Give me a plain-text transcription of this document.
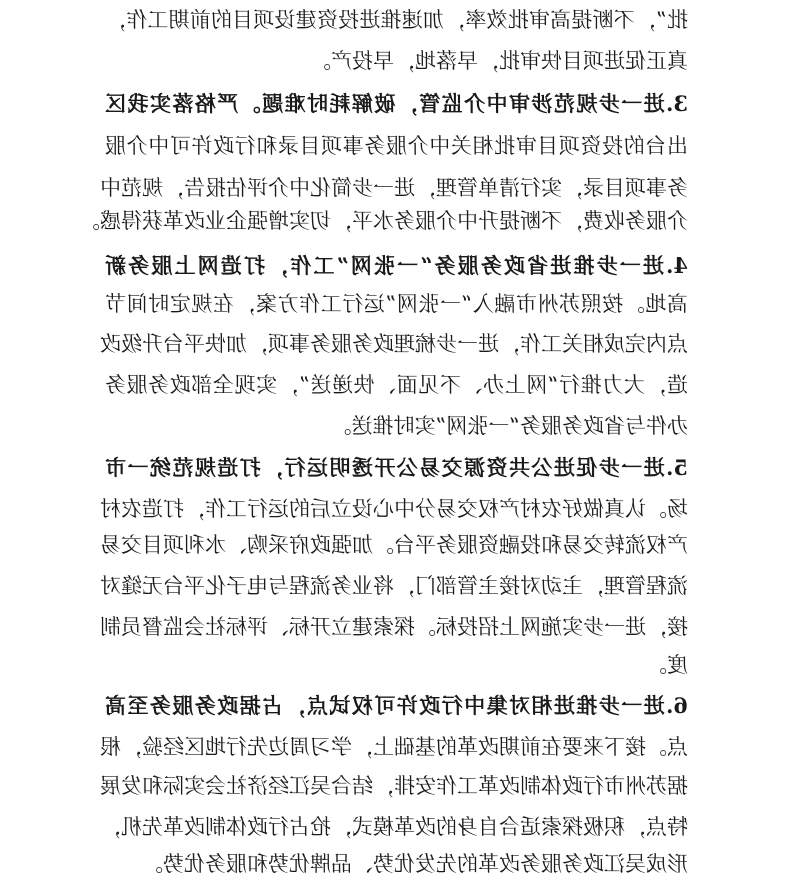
批”，不断提高审批效率，加速推进投资建设项目的前期工作，
真正促进项目快审批，早落地，早投产。
3.进一步规范涉审中介监管，破解耗时难题。严格落实我区
出台的投资项目审批相关中介服务事项目录和行政许可中介服
务事项目录，实行清单管理，进一步简化中介评估报告，规范中
介服务收费，不断提升中介服务水平，切实增强企业改革获得感。
4.进一步推进省政务服务“一张网”工作，打造网上服务新
高地。按照苏州市融入“一张网”运行工作方案，在规定时间节
点内完成相关工作，进一步梳理政务服务事项，加快平台升级改
造，大力推行“网上办、不见面、快递送”，实现全部政务服务
办件与省政务服务“一张网”实时推送。
5.进一步促进公共资源交易公开透明运行，打造规范统一市
场。认真做好农村产权交易分中心设立后的运行工作，打造农村
产权流转交易和投融资服务平台。加强政府采购、水利项目交易
流程管理，主动对接主管部门，将业务流程与电子化平台无缝对
接，进一步实施网上招投标。探索建立开标、评标社会监督员制
度。
6.进一步推进相对集中行政许可权试点，占据政务服务至高
点。接下来要在前期改革的基础上，学习周边先行地区经验，根
据苏州市行政体制改革工作安排，结合吴江经济社会实际和发展
特点，积极探索适合自身的改革模式，抢占行政体制改革先机，
形成吴江政务服务改革的先发优势、品牌优势和服务优势。
